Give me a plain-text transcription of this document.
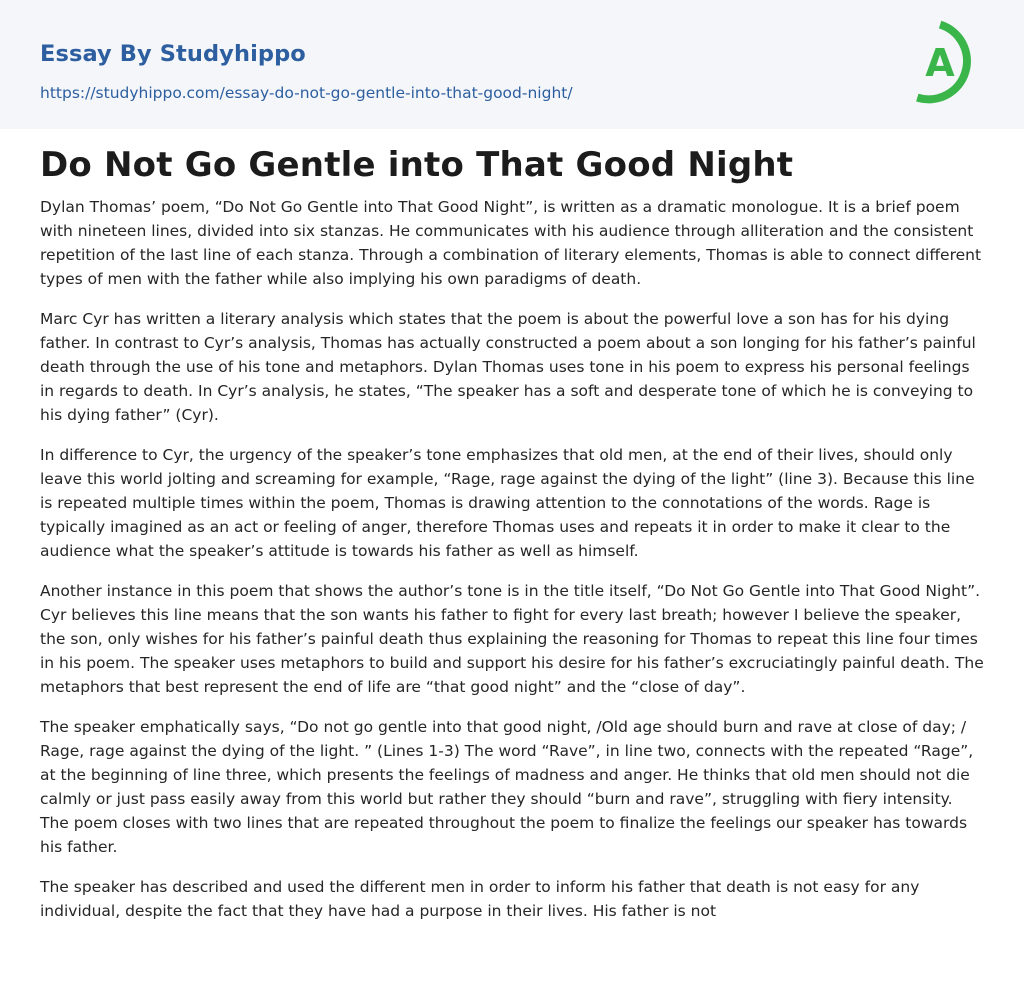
Essay By Studyhippo
https://studyhippo.com/essay-do-not-go-gentle-into-that-good-night/
A
Do Not Go Gentle into That Good Night

Dylan Thomas’ poem, “Do Not Go Gentle into That Good Night”, is written as a dramatic monologue. It is a brief poem with nineteen lines, divided into six stanzas. He communicates with his audience through alliteration and the consistent repetition of the last line of each stanza. Through a combination of literary elements, Thomas is able to connect different types of men with the father while also implying his own paradigms of death.

Marc Cyr has written a literary analysis which states that the poem is about the powerful love a son has for his dying father. In contrast to Cyr’s analysis, Thomas has actually constructed a poem about a son longing for his father’s painful death through the use of his tone and metaphors. Dylan Thomas uses tone in his poem to express his personal feelings in regards to death. In Cyr’s analysis, he states, “The speaker has a soft and desperate tone of which he is conveying to his dying father” (Cyr).

In difference to Cyr, the urgency of the speaker’s tone emphasizes that old men, at the end of their lives, should only leave this world jolting and screaming for example, “Rage, rage against the dying of the light” (line 3). Because this line is repeated multiple times within the poem, Thomas is drawing attention to the connotations of the words. Rage is typically imagined as an act or feeling of anger, therefore Thomas uses and repeats it in order to make it clear to the audience what the speaker’s attitude is towards his father as well as himself.

Another instance in this poem that shows the author’s tone is in the title itself, “Do Not Go Gentle into That Good Night”. Cyr believes this line means that the son wants his father to fight for every last breath; however I believe the speaker, the son, only wishes for his father’s painful death thus explaining the reasoning for Thomas to repeat this line four times in his poem. The speaker uses metaphors to build and support his desire for his father’s excruciatingly painful death. The metaphors that best represent the end of life are “that good night” and the “close of day”.

The speaker emphatically says, “Do not go gentle into that good night, /Old age should burn and rave at close of day; / Rage, rage against the dying of the light. ” (Lines 1-3) The word “Rave”, in line two, connects with the repeated “Rage”, at the beginning of line three, which presents the feelings of madness and anger. He thinks that old men should not die calmly or just pass easily away from this world but rather they should “burn and rave”, struggling with fiery intensity. The poem closes with two lines that are repeated throughout the poem to finalize the feelings our speaker has towards his father.

The speaker has described and used the different men in order to inform his father that death is not easy for any individual, despite the fact that they have had a purpose in their lives. His father is not
